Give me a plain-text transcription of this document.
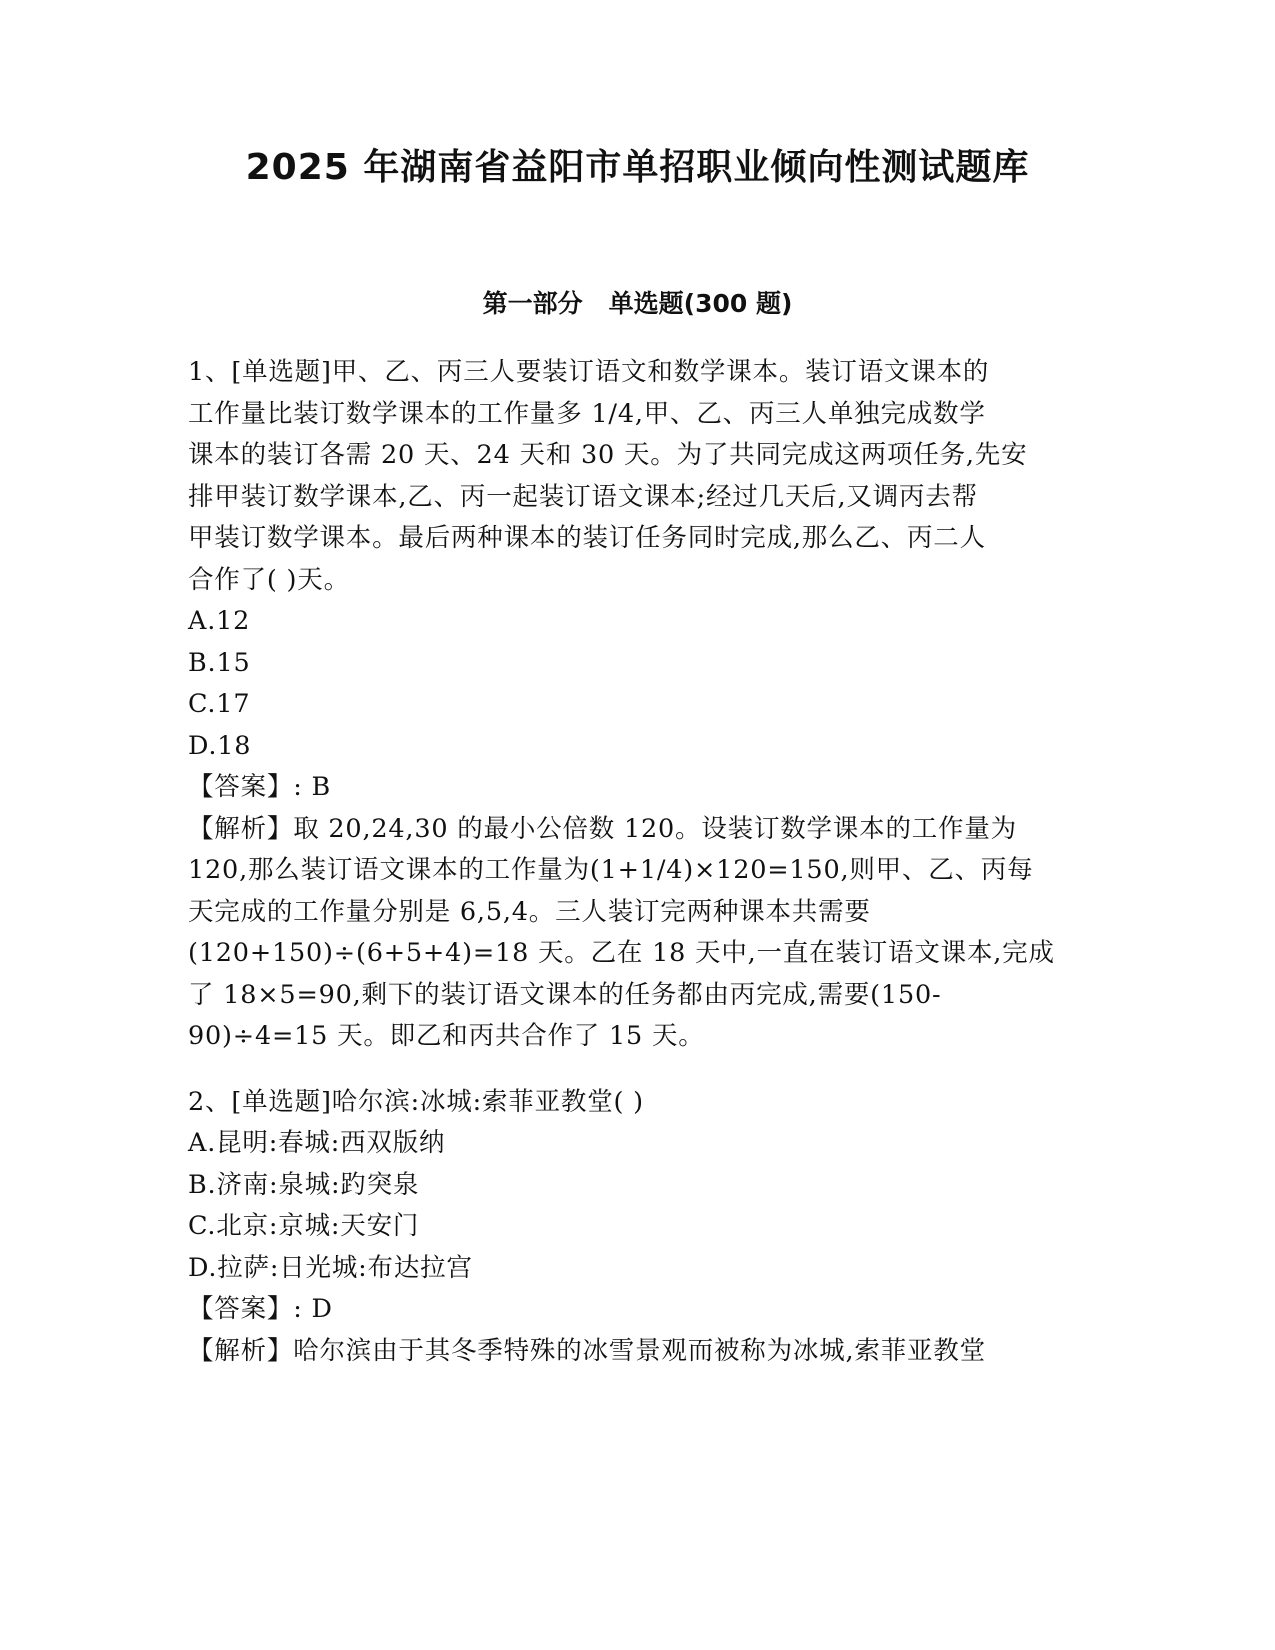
2025 年湖南省益阳市单招职业倾向性测试题库
第一部分   单选题(300 题)
1、[单选题]甲、乙、丙三人要装订语文和数学课本。装订语文课本的
工作量比装订数学课本的工作量多 1/4,甲、乙、丙三人单独完成数学
课本的装订各需 20 天、24 天和 30 天。为了共同完成这两项任务,先安
排甲装订数学课本,乙、丙一起装订语文课本;经过几天后,又调丙去帮
甲装订数学课本。最后两种课本的装订任务同时完成,那么乙、丙二人
合作了( )天。
A.12
B.15
C.17
D.18
【答案】: B
【解析】取 20,24,30 的最小公倍数 120。设装订数学课本的工作量为
120,那么装订语文课本的工作量为(1+1/4)×120=150,则甲、乙、丙每
天完成的工作量分别是 6,5,4。三人装订完两种课本共需要
(120+150)÷(6+5+4)=18 天。乙在 18 天中,一直在装订语文课本,完成
了 18×5=90,剩下的装订语文课本的任务都由丙完成,需要(150-
90)÷4=15 天。即乙和丙共合作了 15 天。
2、[单选题]哈尔滨:冰城:索菲亚教堂( )
A.昆明:春城:西双版纳
B.济南:泉城:趵突泉
C.北京:京城:天安门
D.拉萨:日光城:布达拉宫
【答案】: D
【解析】哈尔滨由于其冬季特殊的冰雪景观而被称为冰城,索菲亚教堂
